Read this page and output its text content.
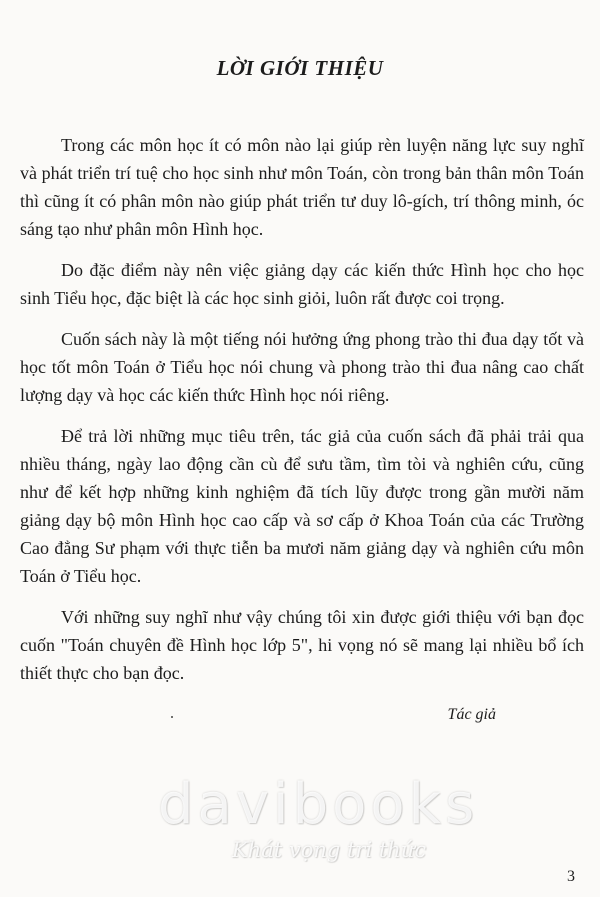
LỜI GIỚI THIỆU

Trong các môn học ít có môn nào lại giúp rèn luyện năng lực suy nghĩ và phát triển trí tuệ cho học sinh như môn Toán, còn trong bản thân môn Toán thì cũng ít có phân môn nào giúp phát triển tư duy lô-gích, trí thông minh, óc sáng tạo như phân môn Hình học.

Do đặc điểm này nên việc giảng dạy các kiến thức Hình học cho học sinh Tiểu học, đặc biệt là các học sinh giỏi, luôn rất được coi trọng.

Cuốn sách này là một tiếng nói hưởng ứng phong trào thi đua dạy tốt và học tốt môn Toán ở Tiểu học nói chung và phong trào thi đua nâng cao chất lượng dạy và học các kiến thức Hình học nói riêng.

Để trả lời những mục tiêu trên, tác giả của cuốn sách đã phải trải qua nhiều tháng, ngày lao động cần cù để sưu tầm, tìm tòi và nghiên cứu, cũng như để kết hợp những kinh nghiệm đã tích lũy được trong gần mười năm giảng dạy bộ môn Hình học cao cấp và sơ cấp ở Khoa Toán của các Trường Cao đẳng Sư phạm với thực tiễn ba mươi năm giảng dạy và nghiên cứu môn Toán ở Tiểu học.

Với những suy nghĩ như vậy chúng tôi xin được giới thiệu với bạn đọc cuốn "Toán chuyên đề Hình học lớp 5", hi vọng nó sẽ mang lại nhiều bổ ích thiết thực cho bạn đọc.

Tác giả
davibooks
Khát vọng tri thức
3
